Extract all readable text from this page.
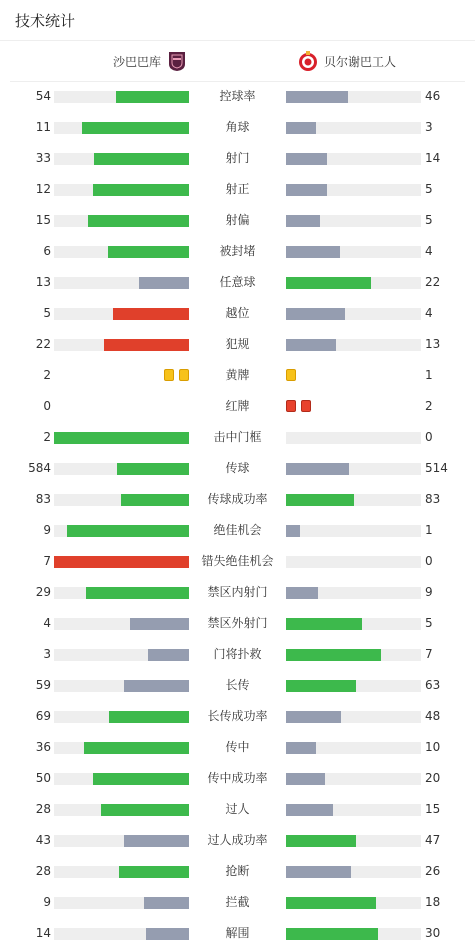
技术统计
沙巴巴库	贝尔谢巴工人
54	控球率	46
11	角球	3
33	射门	14
12	射正	5
15	射偏	5
6	被封堵	4
13	任意球	22
5	越位	4
22	犯规	13
2	黄牌	1
0	红牌	2
2	击中门框	0
584	传球	514
83	传球成功率	83
9	绝佳机会	1
7	错失绝佳机会	0
29	禁区内射门	9
4	禁区外射门	5
3	门将扑救	7
59	长传	63
69	长传成功率	48
36	传中	10
50	传中成功率	20
28	过人	15
43	过人成功率	47
28	抢断	26
9	拦截	18
14	解围	30
